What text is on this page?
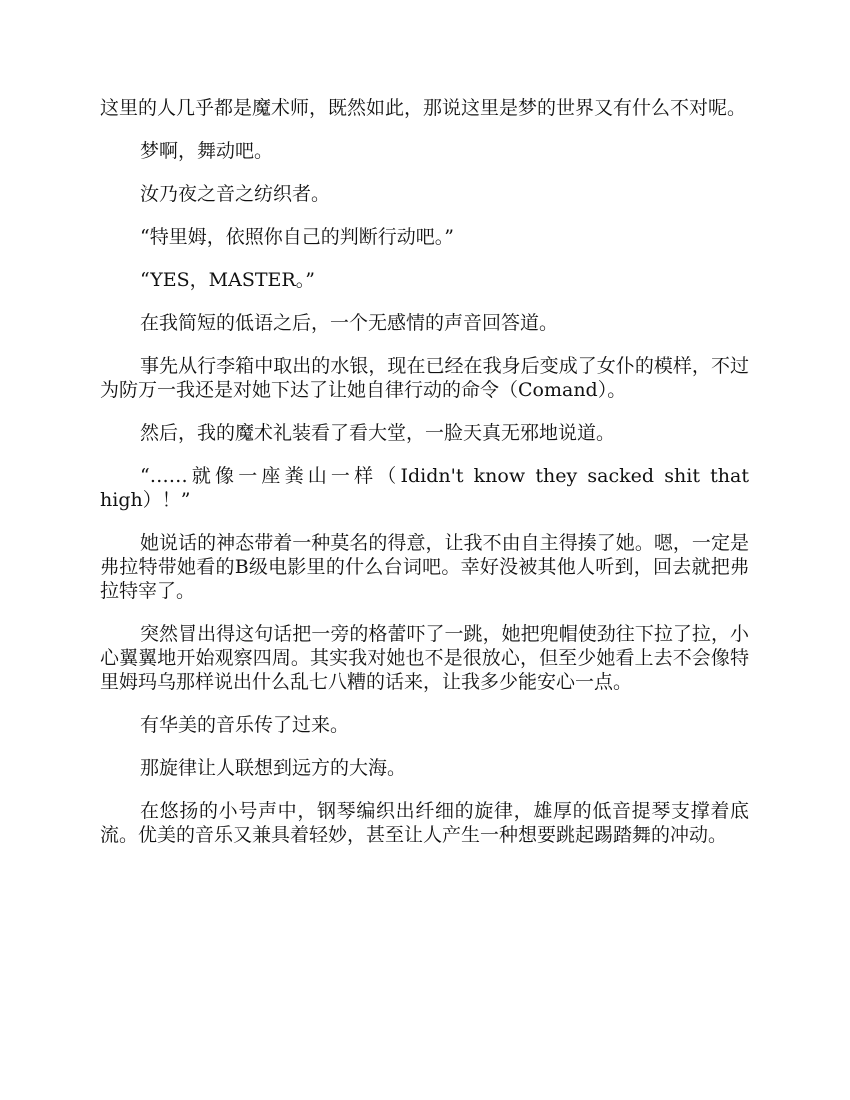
这里的人几乎都是魔术师，既然如此，那说这里是梦的世界又有什么不对呢。

梦啊，舞动吧。

汝乃夜之音之纺织者。

“特里姆，依照你自己的判断行动吧。”

“YES，MASTER。”

在我简短的低语之后，一个无感情的声音回答道。

事先从行李箱中取出的水银，现在已经在我身后变成了女仆的模样，不过为防万一我还是对她下达了让她自律行动的命令（Comand）。

然后，我的魔术礼装看了看大堂，一脸天真无邪地说道。

“……就像一座粪山一样（Ididn't know they sacked shit that

high）！”

她说话的神态带着一种莫名的得意，让我不由自主得揍了她。嗯，一定是弗拉特带她看的B级电影里的什么台词吧。幸好没被其他人听到，回去就把弗拉特宰了。

突然冒出得这句话把一旁的格蕾吓了一跳，她把兜帽使劲往下拉了拉，小心翼翼地开始观察四周。其实我对她也不是很放心，但至少她看上去不会像特里姆玛乌那样说出什么乱七八糟的话来，让我多少能安心一点。

有华美的音乐传了过来。

那旋律让人联想到远方的大海。

在悠扬的小号声中，钢琴编织出纤细的旋律，雄厚的低音提琴支撑着底流。优美的音乐又兼具着轻妙，甚至让人产生一种想要跳起踢踏舞的冲动。
